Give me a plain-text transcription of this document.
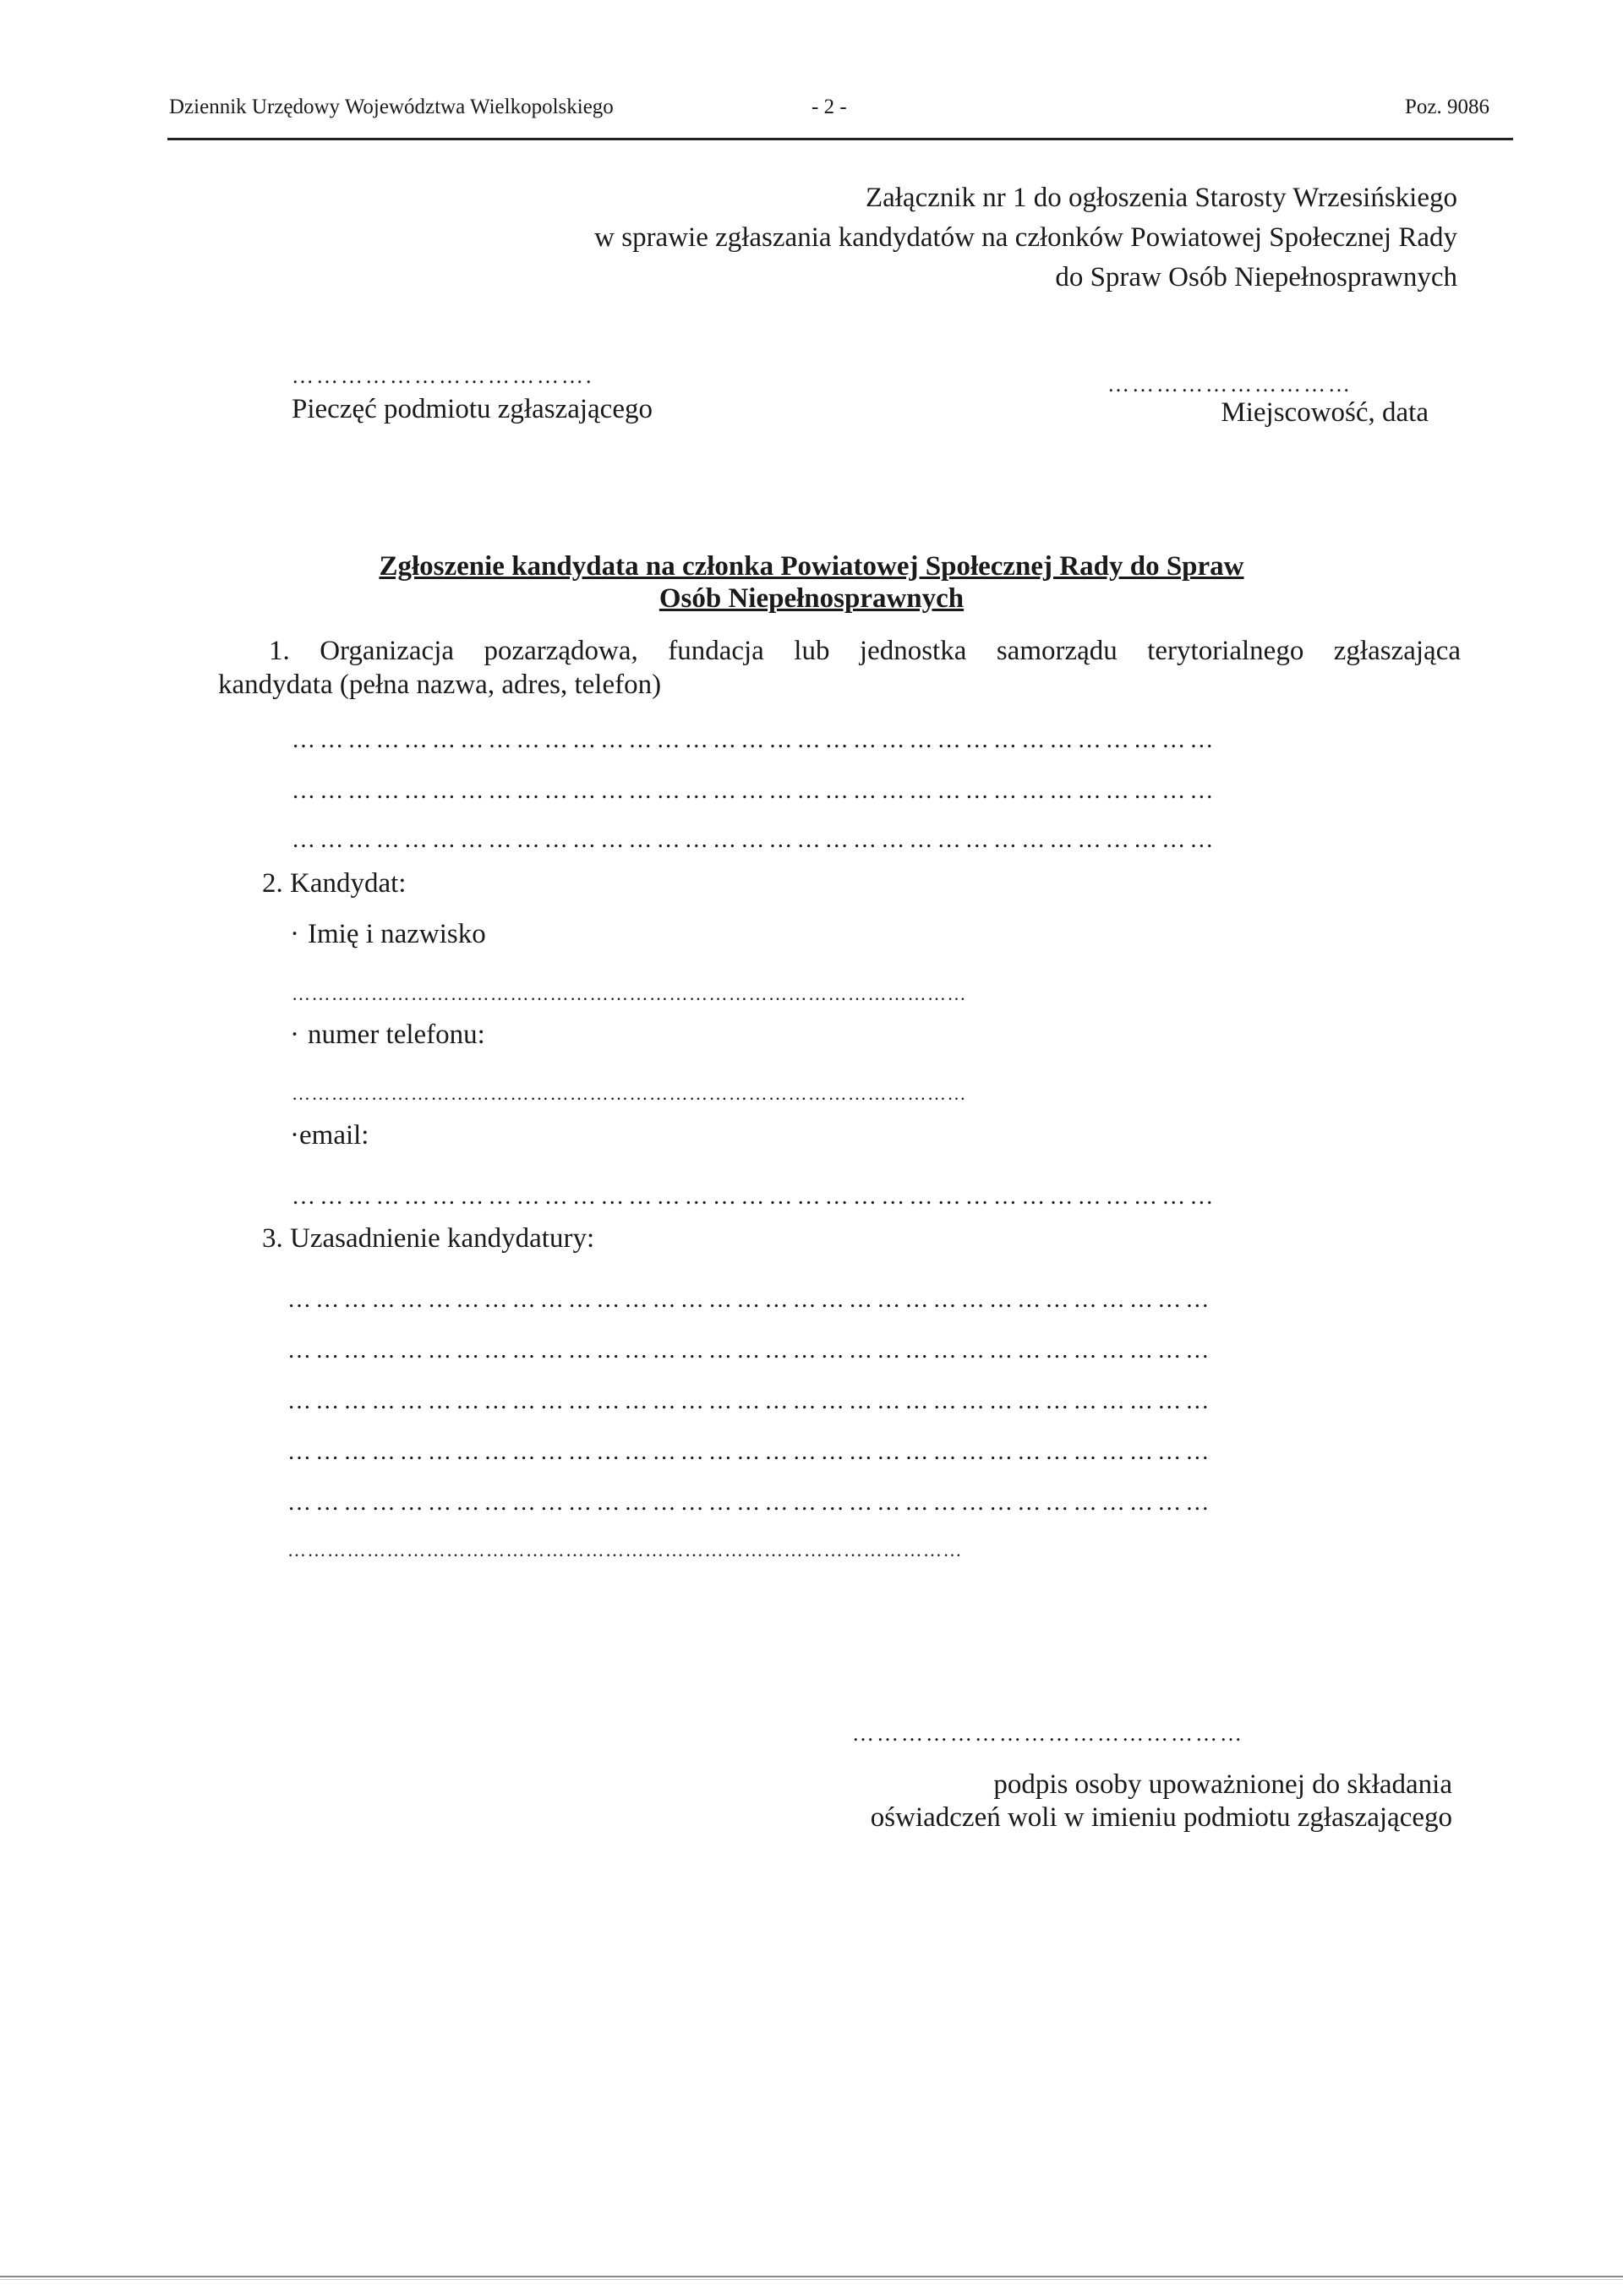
Dziennik Urzędowy Województwa Wielkopolskiego	- 2 -	Poz. 9086
Załącznik nr 1 do ogłoszenia Starosty Wrzesińskiego
w sprawie zgłaszania kandydatów na członków Powiatowej Społecznej Rady
do Spraw Osób Niepełnosprawnych
……………………………….
Pieczęć podmiotu zgłaszającego
…………………………
Miejscowość, data
Zgłoszenie kandydata na członka Powiatowej Społecznej Rady do Spraw
Osób Niepełnosprawnych
1. Organizacja pozarządowa, fundacja lub jednostka samorządu terytorialnego zgłaszająca
kandydata (pełna nazwa, adres, telefon)
………………………………………………………………………………………
………………………………………………………………………………………
………………………………………………………………………………………
2. Kandydat:
· Imię i nazwisko
…………………………………………………………………………………………
· numer telefonu:
…………………………………………………………………………………………
·email:
………………………………………………………………………………………
3. Uzasadnienie kandydatury:
………………………………………………………………………………………
………………………………………………………………………………………
………………………………………………………………………………………
………………………………………………………………………………………
………………………………………………………………………………………
…………………………………………………………………………………………
…………………………………………
podpis osoby upoważnionej do składania
oświadczeń woli w imieniu podmiotu zgłaszającego
